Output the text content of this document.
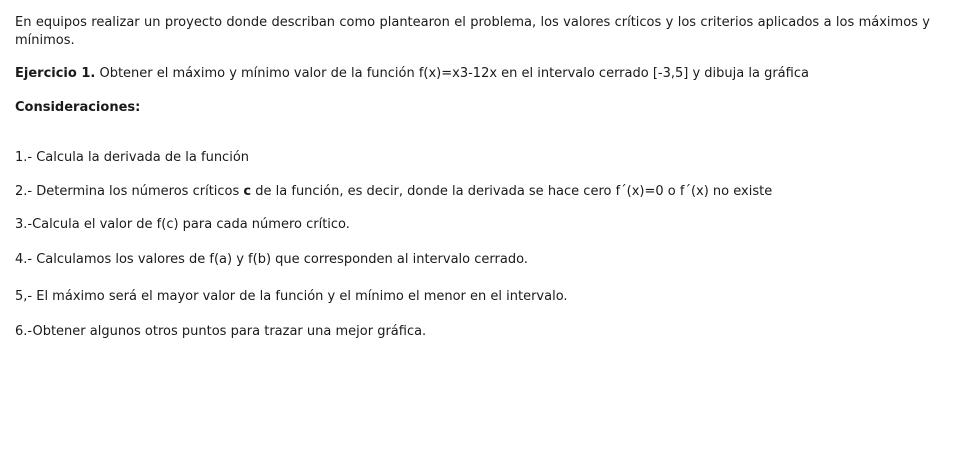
En equipos realizar un proyecto donde describan como plantearon el problema, los valores críticos y los criterios aplicados a los máximos y mínimos.

Ejercicio 1. Obtener el máximo y mínimo valor de la función f(x)=x3-12x en el intervalo cerrado [-3,5] y dibuja la gráfica

Consideraciones:

1.- Calcula la derivada de la función

2.- Determina los números críticos c de la función, es decir, donde la derivada se hace cero f´(x)=0 o f´(x) no existe

3.-Calcula el valor de f(c) para cada número crítico.

4.- Calculamos los valores de f(a) y f(b) que corresponden al intervalo cerrado.

5,- El máximo será el mayor valor de la función y el mínimo el menor en el intervalo.

6.-Obtener algunos otros puntos para trazar una mejor gráfica.
